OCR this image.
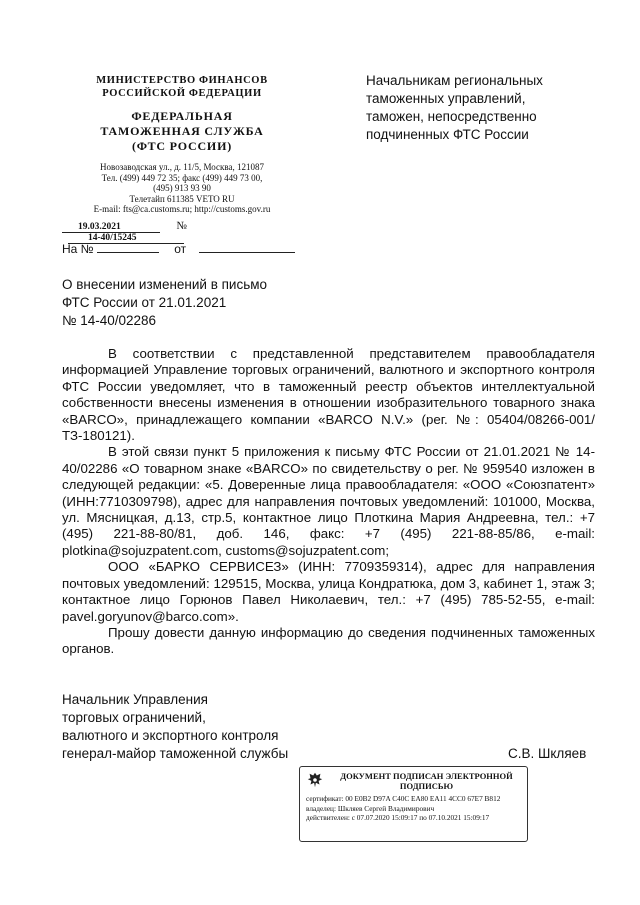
МИНИСТЕРСТВО ФИНАНСОВ

РОССИЙСКОЙ ФЕДЕРАЦИИ

ФЕДЕРАЛЬНАЯ

ТАМОЖЕННАЯ СЛУЖБА

(ФТС РОССИИ)

Новозаводская ул., д. 11/5, Москва, 121087

Тел. (499) 449 72 35; факс (499) 449 73 00,

(495) 913 93 90

Телетайп 611385 VETO RU

E-mail: fts@ca.customs.ru; http://customs.gov.ru

19.03.2021	№ 14-40/15245
На №	от
Начальникам региональных
таможенных управлений,
таможен, непосредственно
подчиненных ФТС России
О внесении изменений в письмо
ФТС России от 21.01.2021
№ 14-40/02286

В соответствии с представленной представителем правообладателя информацией Управление торговых ограничений, валютного и экспортного контроля ФТС России уведомляет, что в таможенный реестр объектов интеллектуальной собственности внесены изменения в отношении изобразительного товарного знака «BARCO», принадлежащего компании «BARCO N.V.» (рег. №: 05404/08266-001/ТЗ-180121).

В этой связи пункт 5 приложения к письму ФТС России от 21.01.2021 № 14-40/02286 «О товарном знаке «BARCO» по свидетельству о рег. № 959540 изложен в следующей редакции: «5. Доверенные лица правообладателя: «ООО «Союзпатент» (ИНН:7710309798), адрес для направления почтовых уведомлений: 101000, Москва, ул. Мясницкая, д.13, стр.5, контактное лицо Плоткина Мария Андреевна, тел.: +7 (495) 221-88-80/81, доб. 146, факс: +7 (495) 221-88-85/86, e-mail: plotkina@sojuzpatent.com, customs@sojuzpatent.com;

ООО «БАРКО СЕРВИСЕЗ» (ИНН: 7709359314), адрес для направления почтовых уведомлений: 129515, Москва, улица Кондратюка, дом 3, кабинет 1, этаж 3; контактное лицо Горюнов Павел Николаевич, тел.: +7 (495) 785-52-55, e-mail: pavel.goryunov@barco.com».

Прошу довести данную информацию до сведения подчиненных таможенных органов.

Начальник Управления
торговых ограничений,
валютного и экспортного контроля
генерал-майор таможенной службы	С.В. Шкляев
ДОКУМЕНТ ПОДПИСАН ЭЛЕКТРОННОЙ
ПОДПИСЬЮ
сертификат: 00 E0B2 D97A C40C EA80 EA11 4CC0 67E7 B812
владелец: Шкляев Сергей Владимирович
действителен: с 07.07.2020 15:09:17 по 07.10.2021 15:09:17
